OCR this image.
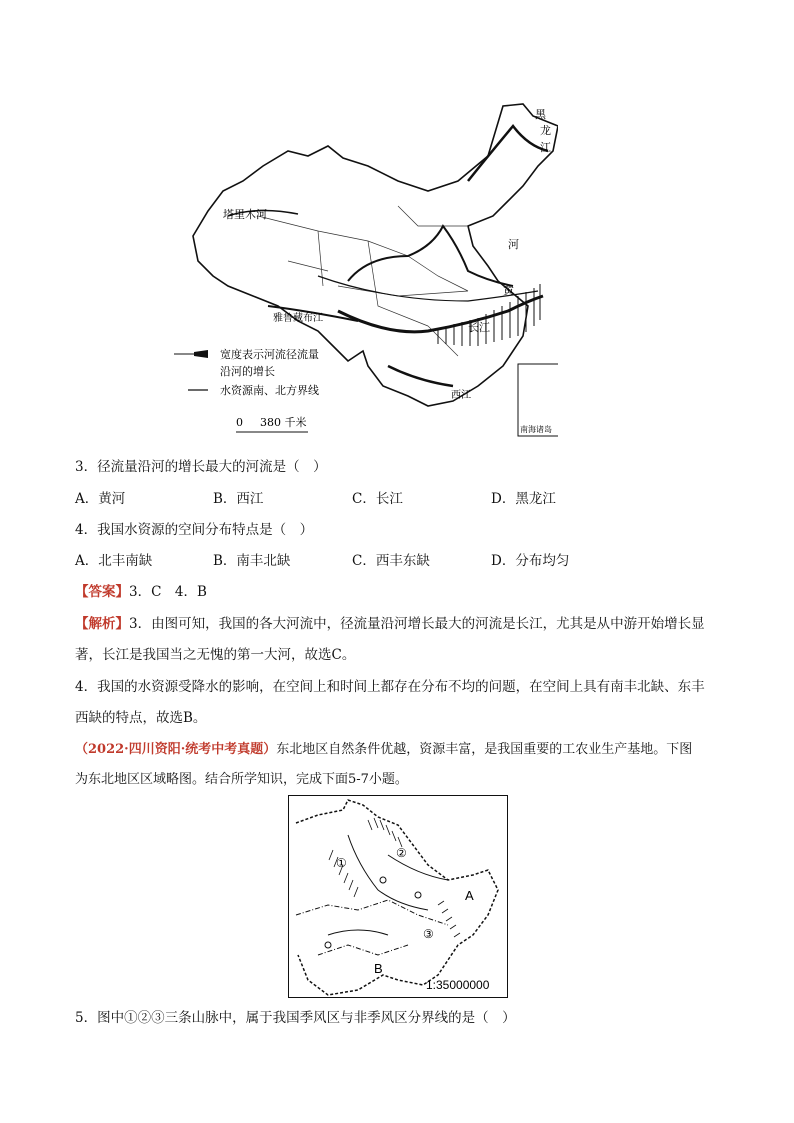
塔里木河
雅鲁藏布江
黑
龙
江
河
黄
长江
西江
宽度表示河流径流量
沿河的增长
水资源南、北方界线
0 380 千米
南海诸岛
3．径流量沿河的增长最大的河流是（　）
A．黄河	B．西江	C．长江	D．黑龙江
4．我国水资源的空间分布特点是（　）
A．北丰南缺	B．南丰北缺	C．西丰东缺	D．分布均匀
【答案】3．C　4．B
【解析】3．由图可知，我国的各大河流中，径流量沿河增长最大的河流是长江，尤其是从中游开始增长显
著，长江是我国当之无愧的第一大河，故选C。
4．我国的水资源受降水的影响，在空间上和时间上都存在分布不均的问题，在空间上具有南丰北缺、东丰
西缺的特点，故选B。
（2022·四川资阳·统考中考真题）东北地区自然条件优越，资源丰富，是我国重要的工农业生产基地。下图
为东北地区区域略图。结合所学知识，完成下面5-7小题。
①
②
③
A
B
1:35000000
5．图中①②③三条山脉中，属于我国季风区与非季风区分界线的是（　）
